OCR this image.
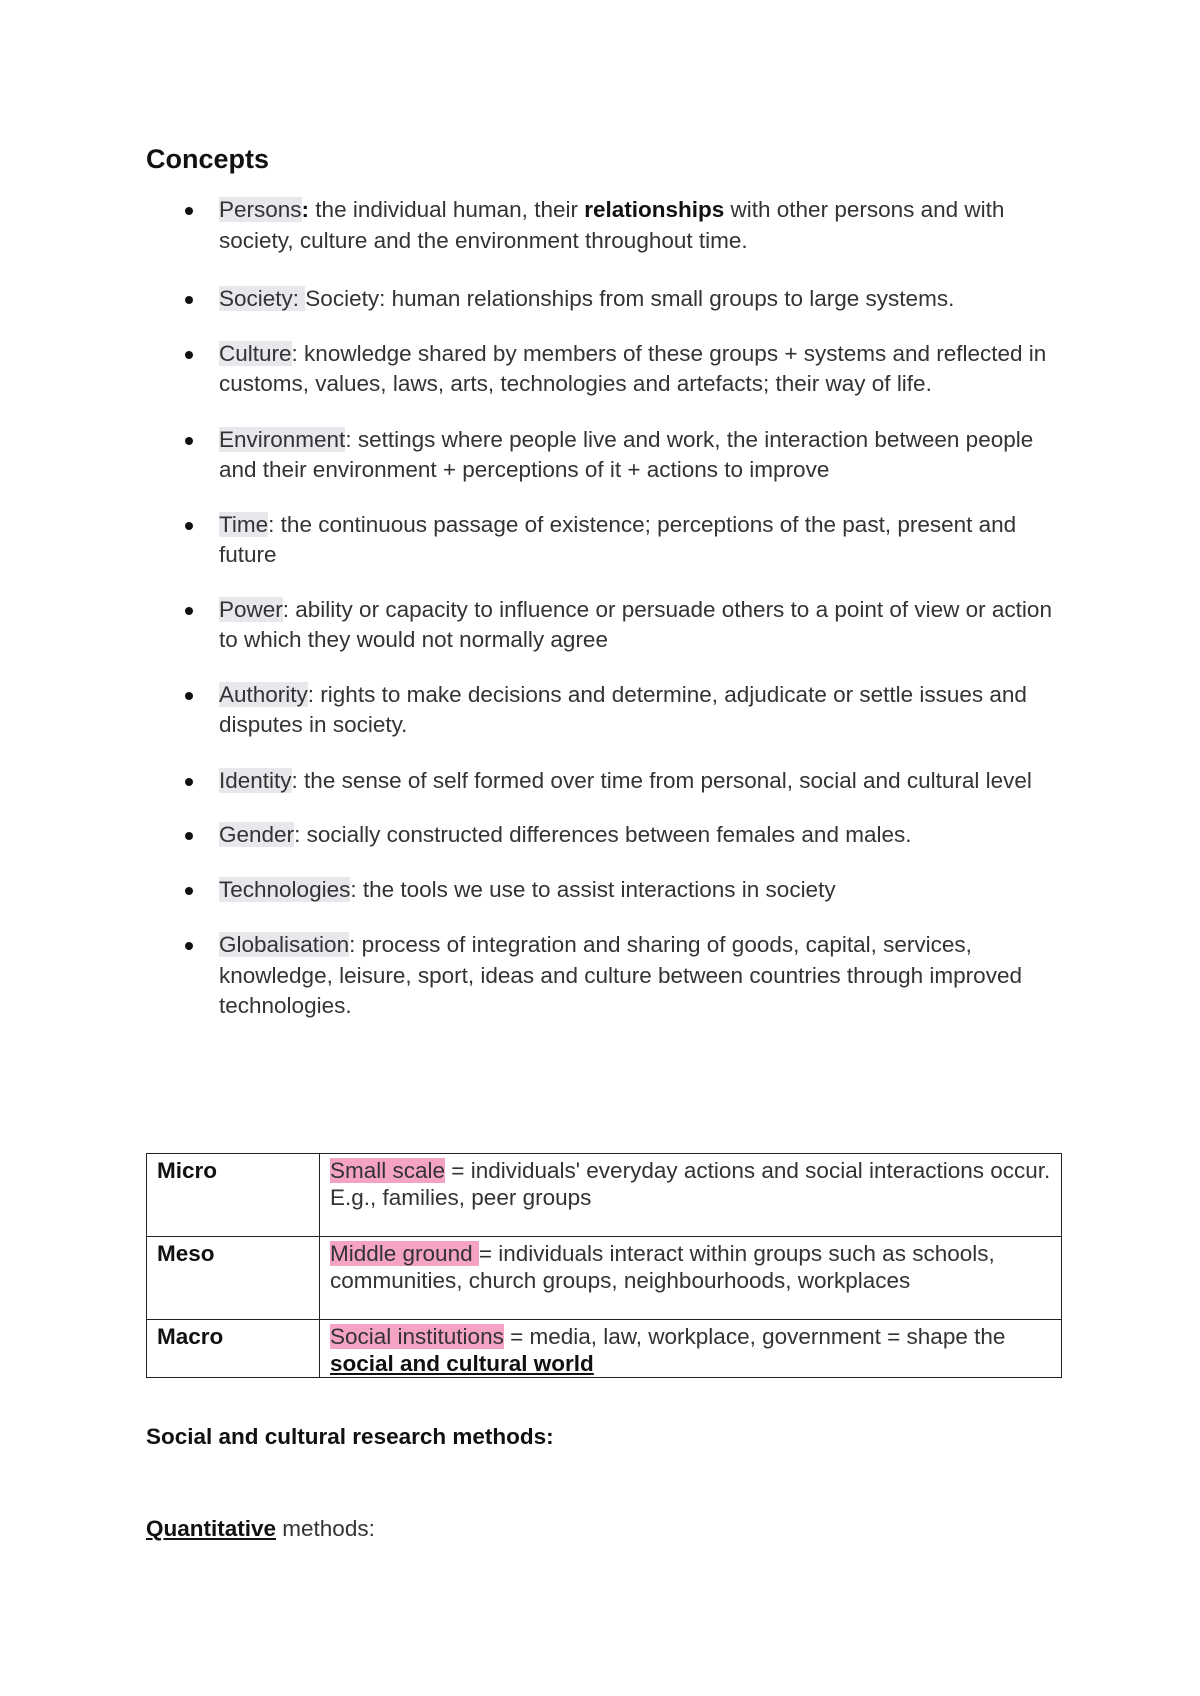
Concepts
Persons: the individual human, their relationships with other persons and with society, culture and the environment throughout time.
Society: Society: human relationships from small groups to large systems.
Culture: knowledge shared by members of these groups + systems and reflected in customs, values, laws, arts, technologies and artefacts; their way of life.
Environment: settings where people live and work, the interaction between people and their environment + perceptions of it + actions to improve
Time: the continuous passage of existence; perceptions of the past, present and future
Power: ability or capacity to influence or persuade others to a point of view or action to which they would not normally agree
Authority: rights to make decisions and determine, adjudicate or settle issues and disputes in society.
Identity: the sense of self formed over time from personal, social and cultural level
Gender: socially constructed differences between females and males.
Technologies: the tools we use to assist interactions in society
Globalisation: process of integration and sharing of goods, capital, services, knowledge, leisure, sport, ideas and culture between countries through improved technologies.
Micro	Small scale = individuals' everyday actions and social interactions occur. E.g., families, peer groups
Meso	Middle ground = individuals interact within groups such as schools, communities, church groups, neighbourhoods, workplaces
Macro	Social institutions = media, law, workplace, government = shape the social and cultural world

Social and cultural research methods:

Quantitative methods:
